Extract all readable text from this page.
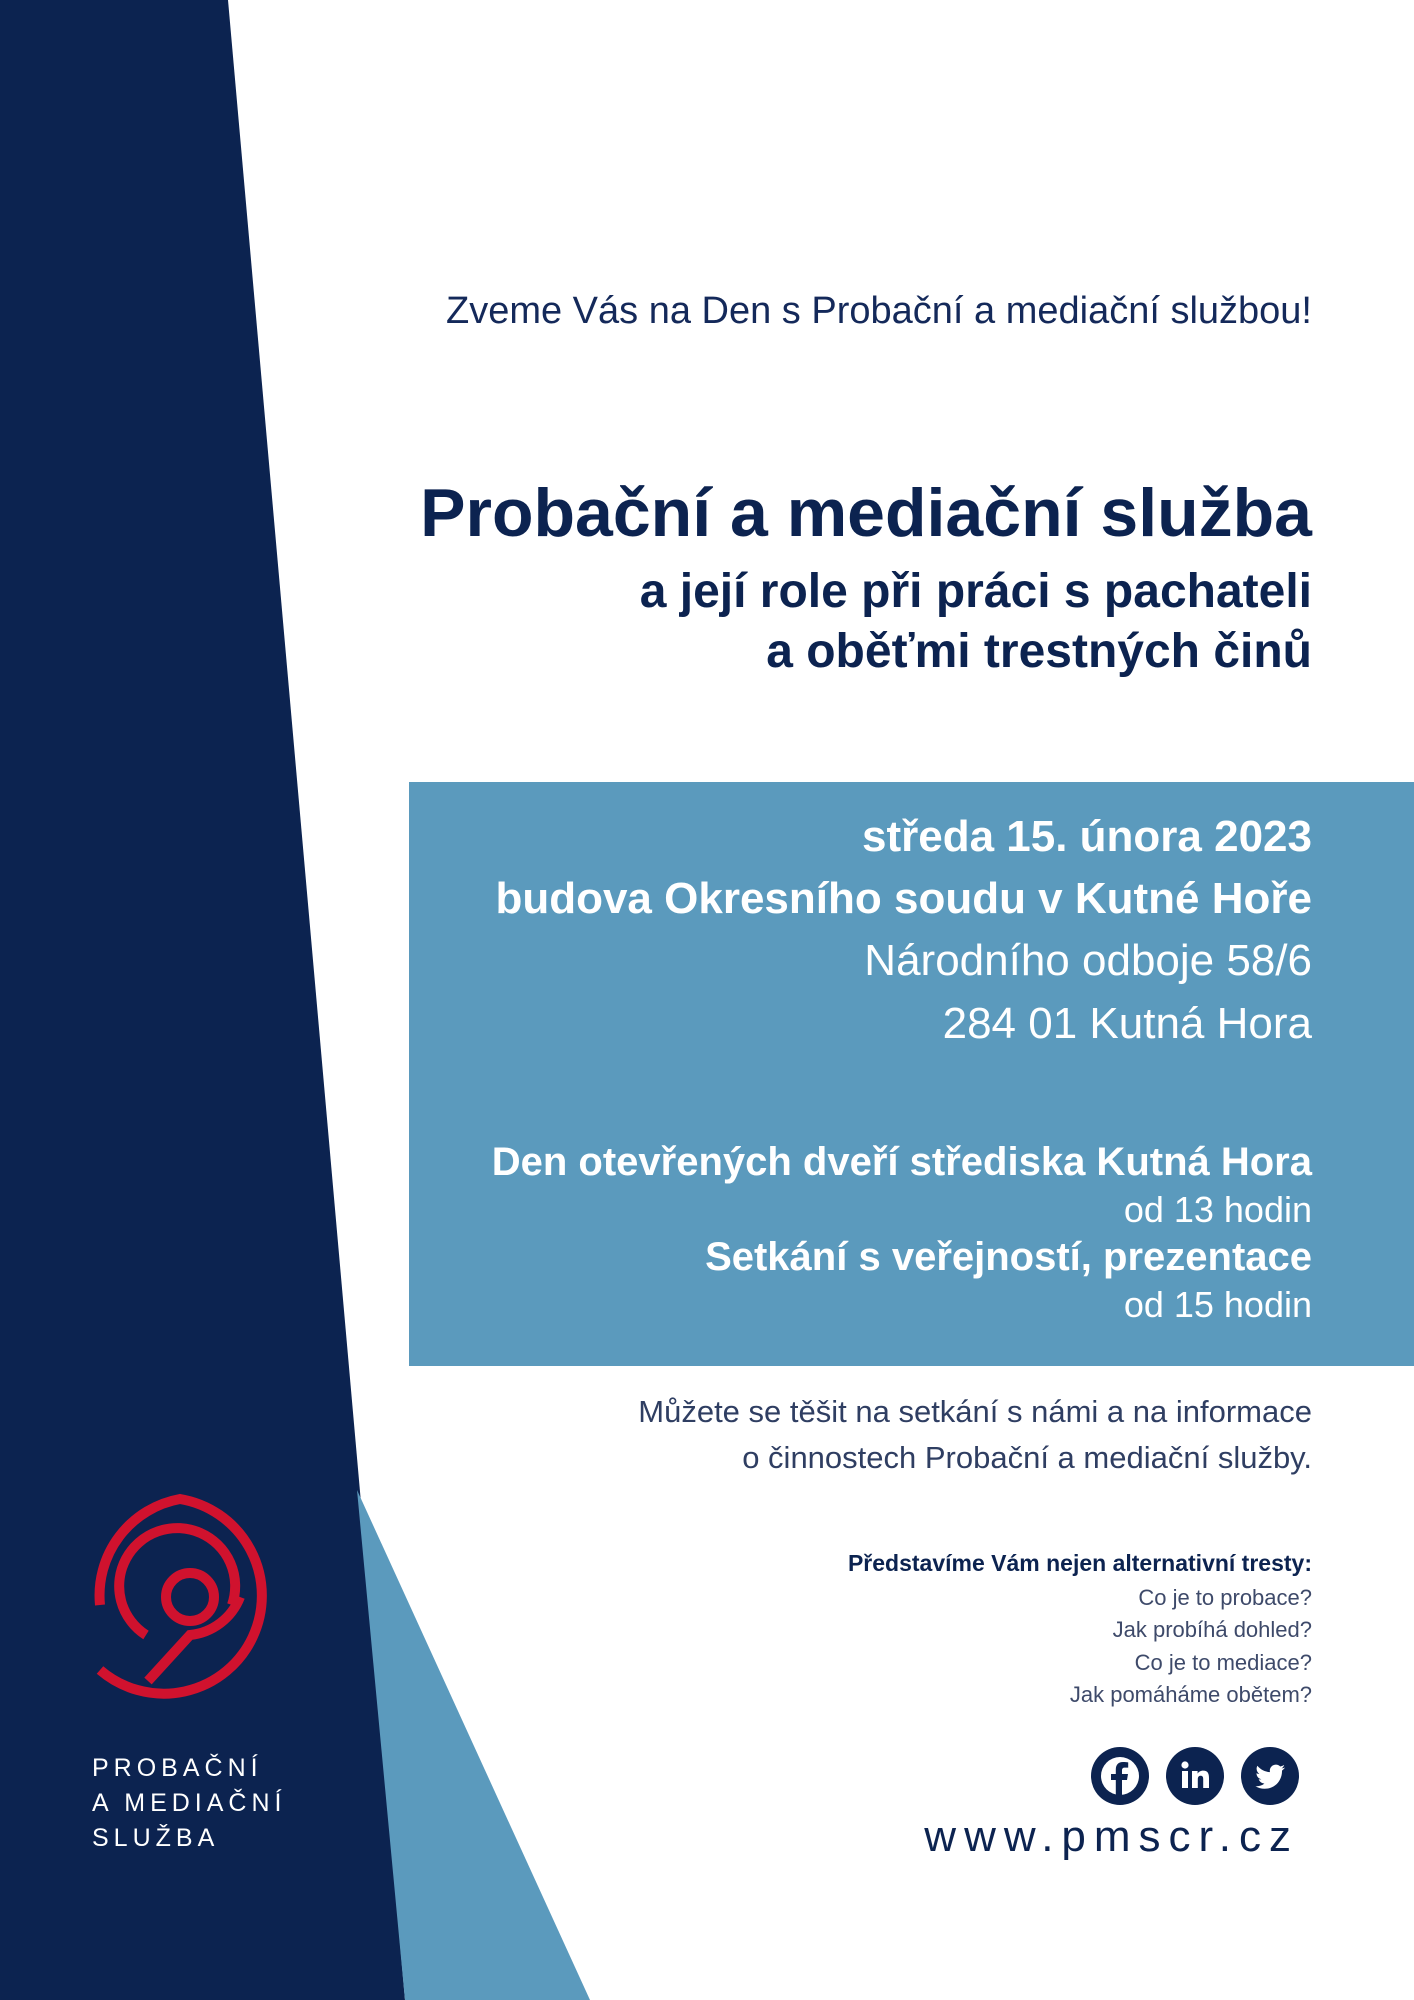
PROBAČNÍ
A MEDIAČNÍ
SLUŽBA
Zveme Vás na Den s Probační a mediační službou!
Probační a mediační služba
a její role při práci s pachateli
a oběťmi trestných činů
středa 15. února 2023
budova Okresního soudu v Kutné Hoře
Národního odboje 58/6
284 01 Kutná Hora
Den otevřených dveří střediska Kutná Hora
od 13 hodin
Setkání s veřejností, prezentace
od 15 hodin
Můžete se těšit na setkání s námi a na informace
o činnostech Probační a mediační služby.
Představíme Vám nejen alternativní tresty:
Co je to probace?
Jak probíhá dohled?
Co je to mediace?
Jak pomáháme obětem?
www.pmscr.cz
